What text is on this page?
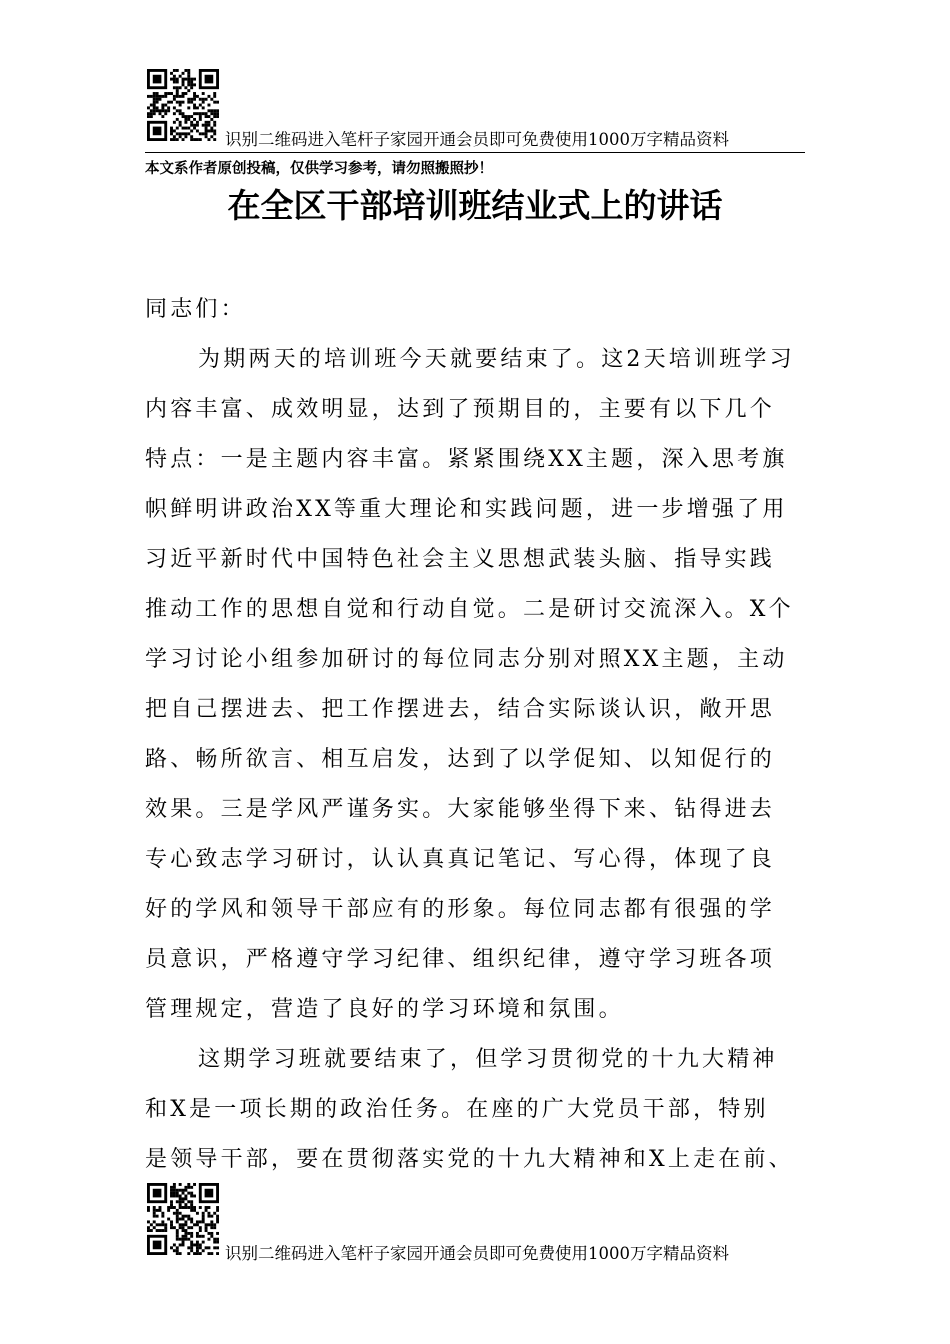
识别二维码进入笔杆子家园开通会员即可免费使用1000万字精品资料
本文系作者原创投稿，仅供学习参考，请勿照搬照抄！
在全区干部培训班结业式上的讲话
同志们：
为期两天的培训班今天就要结束了。这2天培训班学习
内容丰富、成效明显，达到了预期目的，主要有以下几个
特点：一是主题内容丰富。紧紧围绕XX主题，深入思考旗
帜鲜明讲政治XX等重大理论和实践问题，进一步增强了用
习近平新时代中国特色社会主义思想武装头脑、指导实践
推动工作的思想自觉和行动自觉。二是研讨交流深入。X个
学习讨论小组参加研讨的每位同志分别对照XX主题，主动
把自己摆进去、把工作摆进去，结合实际谈认识，敞开思
路、畅所欲言、相互启发，达到了以学促知、以知促行的
效果。三是学风严谨务实。大家能够坐得下来、钻得进去
专心致志学习研讨，认认真真记笔记、写心得，体现了良
好的学风和领导干部应有的形象。每位同志都有很强的学
员意识，严格遵守学习纪律、组织纪律，遵守学习班各项
管理规定，营造了良好的学习环境和氛围。
这期学习班就要结束了，但学习贯彻党的十九大精神
和X是一项长期的政治任务。在座的广大党员干部，特别
是领导干部，要在贯彻落实党的十九大精神和X上走在前、
识别二维码进入笔杆子家园开通会员即可免费使用1000万字精品资料
